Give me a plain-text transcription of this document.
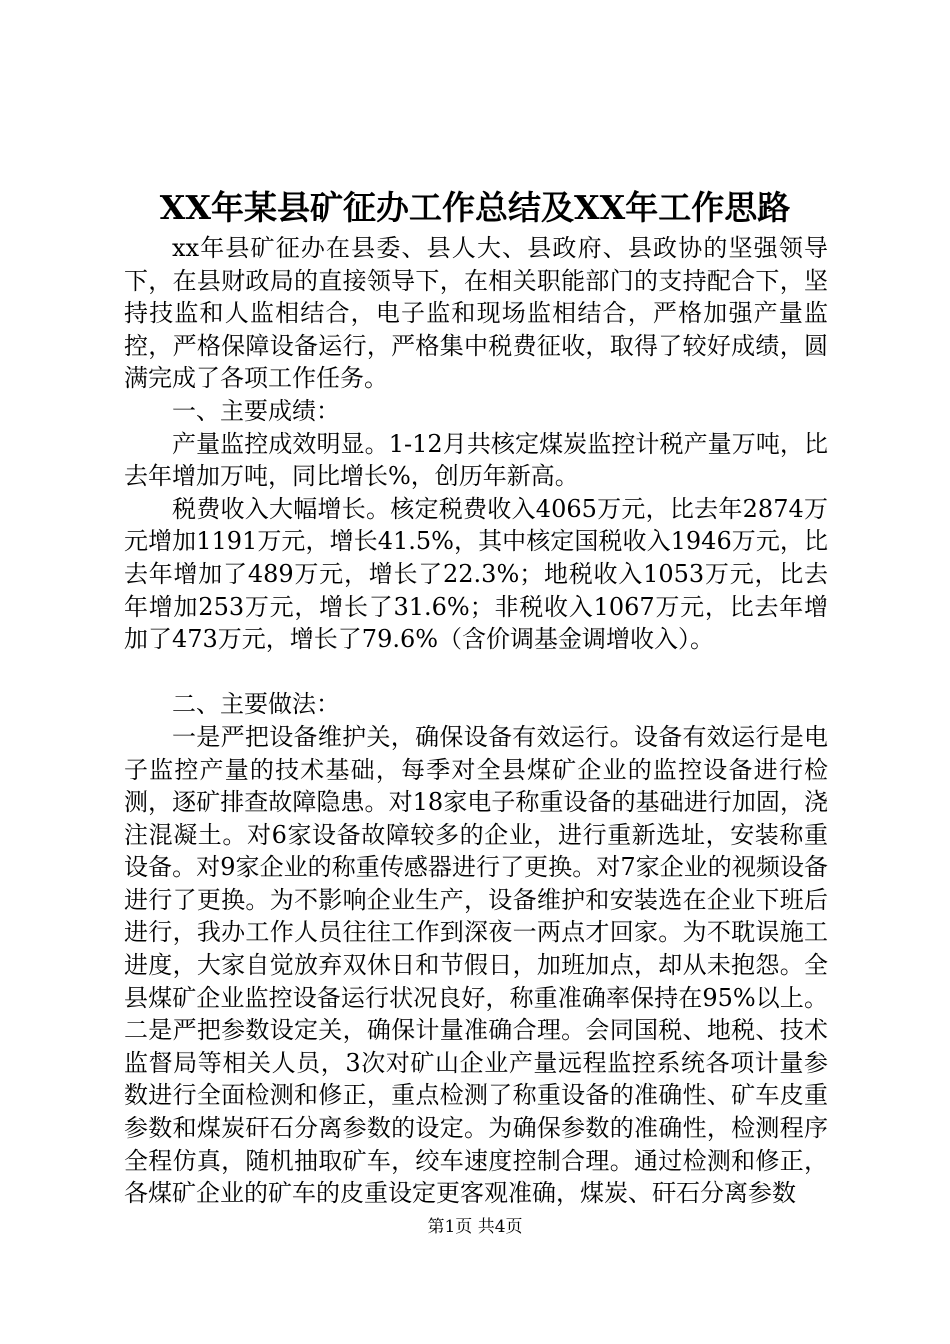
XX年某县矿征办工作总结及XX年工作思路

xx年县矿征办在县委、县人大、县政府、县政协的坚强领导下，在县财政局的直接领导下，在相关职能部门的支持配合下，坚持技监和人监相结合，电子监和现场监相结合，严格加强产量监控，严格保障设备运行，严格集中税费征收，取得了较好成绩，圆满完成了各项工作任务。

一、主要成绩：

产量监控成效明显。1-12月共核定煤炭监控计税产量万吨，比去年增加万吨，同比增长%，创历年新高。

税费收入大幅增长。核定税费收入4065万元，比去年2874万元增加1191万元，增长41.5%，其中核定国税收入1946万元，比去年增加了489万元，增长了22.3%；地税收入1053万元，比去年增加253万元，增长了31.6%；非税收入1067万元，比去年增加了473万元，增长了79.6%（含价调基金调增收入）。

二、主要做法：

一是严把设备维护关，确保设备有效运行。设备有效运行是电子监控产量的技术基础，每季对全县煤矿企业的监控设备进行检测，逐矿排查故障隐患。对18家电子称重设备的基础进行加固，浇注混凝土。对6家设备故障较多的企业，进行重新选址，安装称重设备。对9家企业的称重传感器进行了更换。对7家企业的视频设备进行了更换。为不影响企业生产，设备维护和安装选在企业下班后进行，我办工作人员往往工作到深夜一两点才回家。为不耽误施工进度，大家自觉放弃双休日和节假日，加班加点，却从未抱怨。全县煤矿企业监控设备运行状况良好，称重准确率保持在95%以上。二是严把参数设定关，确保计量准确合理。会同国税、地税、技术监督局等相关人员，3次对矿山企业产量远程监控系统各项计量参数进行全面检测和修正，重点检测了称重设备的准确性、矿车皮重参数和煤炭矸石分离参数的设定。为确保参数的准确性，检测程序全程仿真，随机抽取矿车，绞车速度控制合理。通过检测和修正，各煤矿企业的矿车的皮重设定更客观准确，煤炭、矸石分离参数

第1页 共4页
